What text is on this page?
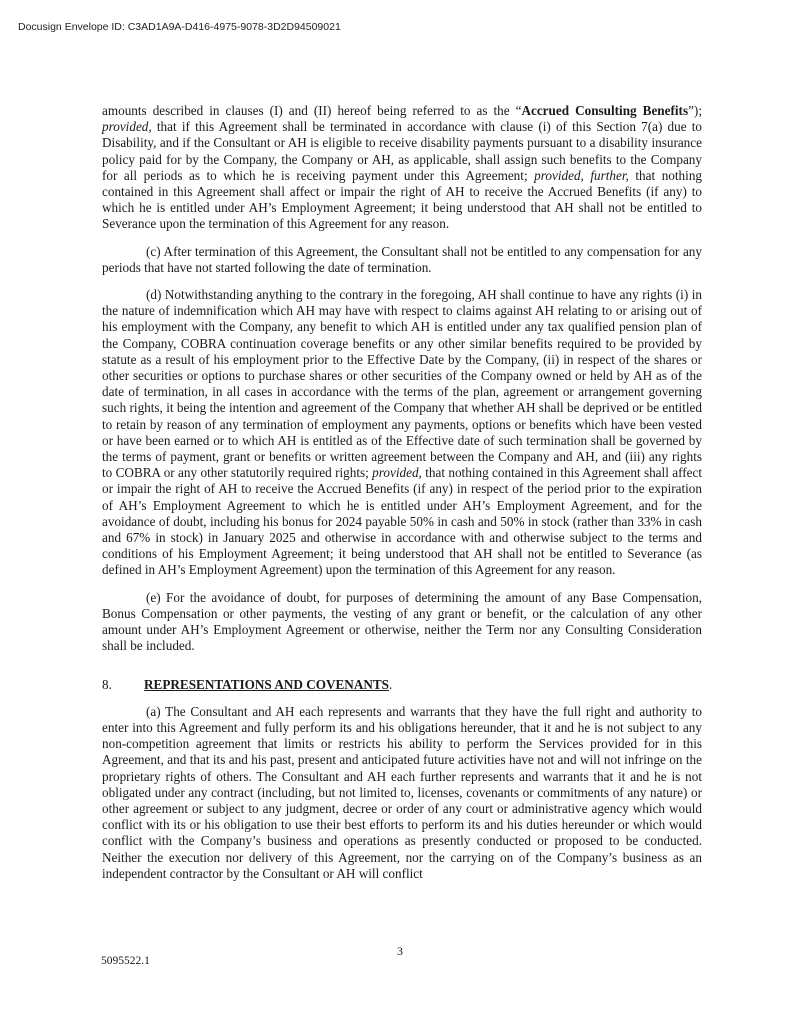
Docusign Envelope ID: C3AD1A9A-D416-4975-9078-3D2D94509021

amounts described in clauses (I) and (II) hereof being referred to as the “Accrued Consulting Benefits”); provided, that if this Agreement shall be terminated in accordance with clause (i) of this Section 7(a) due to Disability, and if the Consultant or AH is eligible to receive disability payments pursuant to a disability insurance policy paid for by the Company, the Company or AH, as applicable, shall assign such benefits to the Company for all periods as to which he is receiving payment under this Agreement; provided, further, that nothing contained in this Agreement shall affect or impair the right of AH to receive the Accrued Benefits (if any) to which he is entitled under AH’s Employment Agreement; it being understood that AH shall not be entitled to Severance upon the termination of this Agreement for any reason.

(c) After termination of this Agreement, the Consultant shall not be entitled to any compensation for any periods that have not started following the date of termination.

(d) Notwithstanding anything to the contrary in the foregoing, AH shall continue to have any rights (i) in the nature of indemnification which AH may have with respect to claims against AH relating to or arising out of his employment with the Company, any benefit to which AH is entitled under any tax qualified pension plan of the Company, COBRA continuation coverage benefits or any other similar benefits required to be provided by statute as a result of his employment prior to the Effective Date by the Company, (ii) in respect of the shares or other securities or options to purchase shares or other securities of the Company owned or held by AH as of the date of termination, in all cases in accordance with the terms of the plan, agreement or arrangement governing such rights, it being the intention and agreement of the Company that whether AH shall be deprived or be entitled to retain by reason of any termination of employment any payments, options or benefits which have been vested or have been earned or to which AH is entitled as of the Effective date of such termination shall be governed by the terms of payment, grant or benefits or written agreement between the Company and AH, and (iii) any rights to COBRA or any other statutorily required rights; provided, that nothing contained in this Agreement shall affect or impair the right of AH to receive the Accrued Benefits (if any) in respect of the period prior to the expiration of AH’s Employment Agreement to which he is entitled under AH’s Employment Agreement, and for the avoidance of doubt, including his bonus for 2024 payable 50% in cash and 50% in stock (rather than 33% in cash and 67% in stock) in January 2025 and otherwise in accordance with and otherwise subject to the terms and conditions of his Employment Agreement; it being understood that AH shall not be entitled to Severance (as defined in AH’s Employment Agreement) upon the termination of this Agreement for any reason.

(e) For the avoidance of doubt, for purposes of determining the amount of any Base Compensation, Bonus Compensation or other payments, the vesting of any grant or benefit, or the calculation of any other amount under AH’s Employment Agreement or otherwise, neither the Term nor any Consulting Consideration shall be included.

8.	REPRESENTATIONS AND COVENANTS.

(a) The Consultant and AH each represents and warrants that they have the full right and authority to enter into this Agreement and fully perform its and his obligations hereunder, that it and he is not subject to any non-competition agreement that limits or restricts his ability to perform the Services provided for in this Agreement, and that its and his past, present and anticipated future activities have not and will not infringe on the proprietary rights of others. The Consultant and AH each further represents and warrants that it and he is not obligated under any contract (including, but not limited to, licenses, covenants or commitments of any nature) or other agreement or subject to any judgment, decree or order of any court or administrative agency which would conflict with its or his obligation to use their best efforts to perform its and his duties hereunder or which would conflict with the Company’s business and operations as presently conducted or proposed to be conducted. Neither the execution nor delivery of this Agreement, nor the carrying on of the Company’s business as an independent contractor by the Consultant or AH will conflict

3
5095522.1
